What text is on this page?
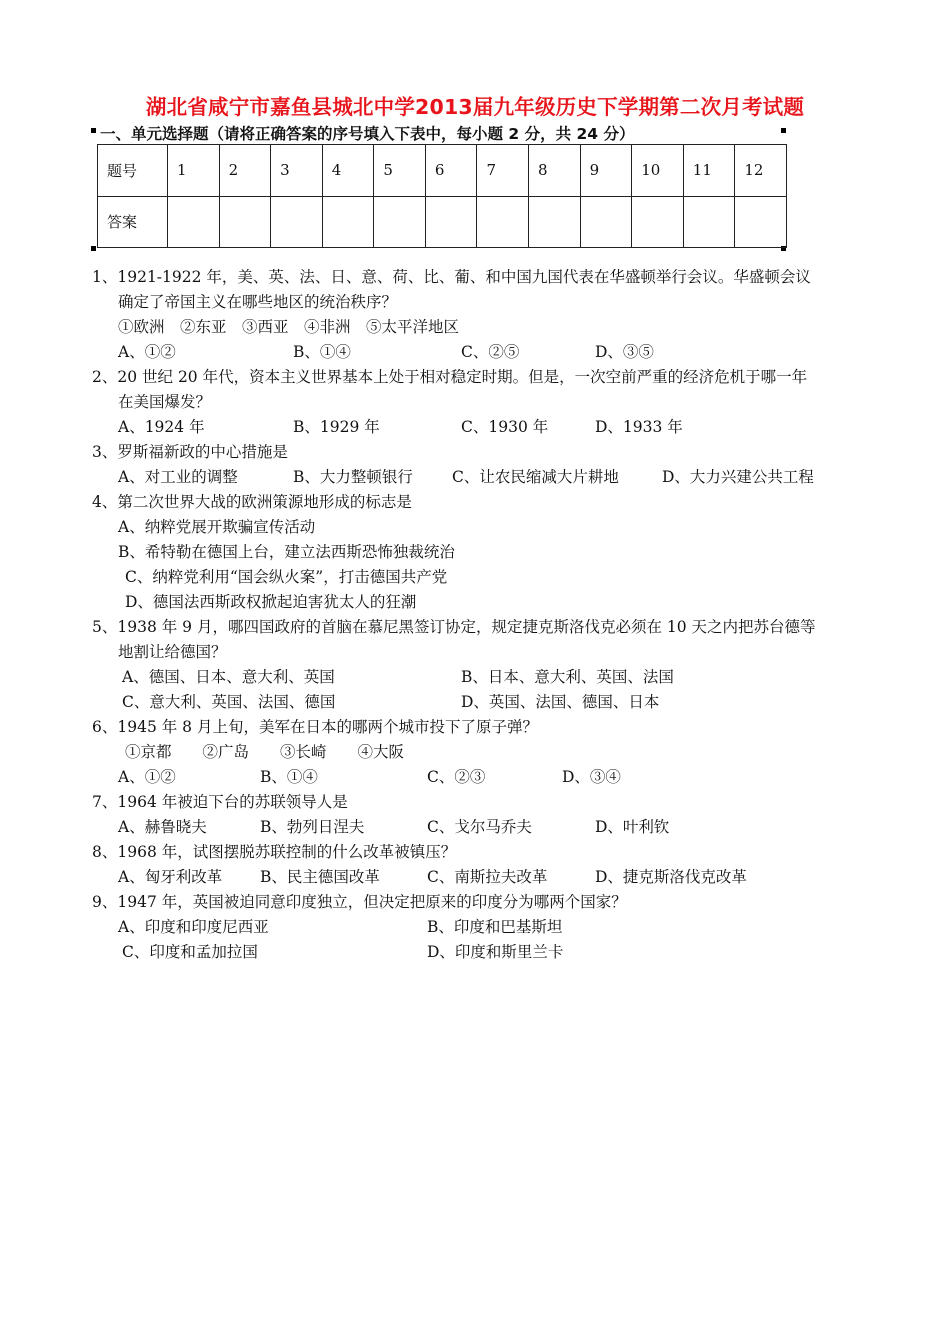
湖北省咸宁市嘉鱼县城北中学2013届九年级历史下学期第二次月考试题
一、单元选择题（请将正确答案的序号填入下表中，每小题 2 分，共 24 分）
题号	1	2	3	4	5	6	7	8	9	10	11	12
答案												
1、1921-1922 年，美、英、法、日、意、荷、比、葡、和中国九国代表在华盛顿举行会议。华盛顿会议
确定了帝国主义在哪些地区的统治秩序？
①欧洲　②东亚　③西亚　④非洲　⑤太平洋地区
A、①②	B、①④	C、②⑤	D、③⑤
2、20 世纪 20 年代，资本主义世界基本上处于相对稳定时期。但是，一次空前严重的经济危机于哪一年
在美国爆发？
A、1924 年	B、1929 年	C、1930 年	D、1933 年
3、罗斯福新政的中心措施是
A、对工业的调整	B、大力整顿银行	C、让农民缩减大片耕地	D、大力兴建公共工程
4、第二次世界大战的欧洲策源地形成的标志是
A、纳粹党展开欺骗宣传活动
B、希特勒在德国上台，建立法西斯恐怖独裁统治
C、纳粹党利用“国会纵火案”，打击德国共产党
D、德国法西斯政权掀起迫害犹太人的狂潮
5、1938 年 9 月，哪四国政府的首脑在慕尼黑签订协定，规定捷克斯洛伐克必须在 10 天之内把苏台德等
地割让给德国？
A、德国、日本、意大利、英国	B、日本、意大利、英国、法国
C、意大利、英国、法国、德国	D、英国、法国、德国、日本
6、1945 年 8 月上旬，美军在日本的哪两个城市投下了原子弹？
①京都　　②广岛　　③长崎　　④大阪
A、①②	B、①④	C、②③	D、③④
7、1964 年被迫下台的苏联领导人是
A、赫鲁晓夫	B、勃列日涅夫	C、戈尔马乔夫	D、叶利钦
8、1968 年，试图摆脱苏联控制的什么改革被镇压？
A、匈牙利改革 B、民主德国改革	C、南斯拉夫改革	D、捷克斯洛伐克改革
9、1947 年，英国被迫同意印度独立，但决定把原来的印度分为哪两个国家？
A、印度和印度尼西亚	B、印度和巴基斯坦
C、印度和孟加拉国	D、印度和斯里兰卡
